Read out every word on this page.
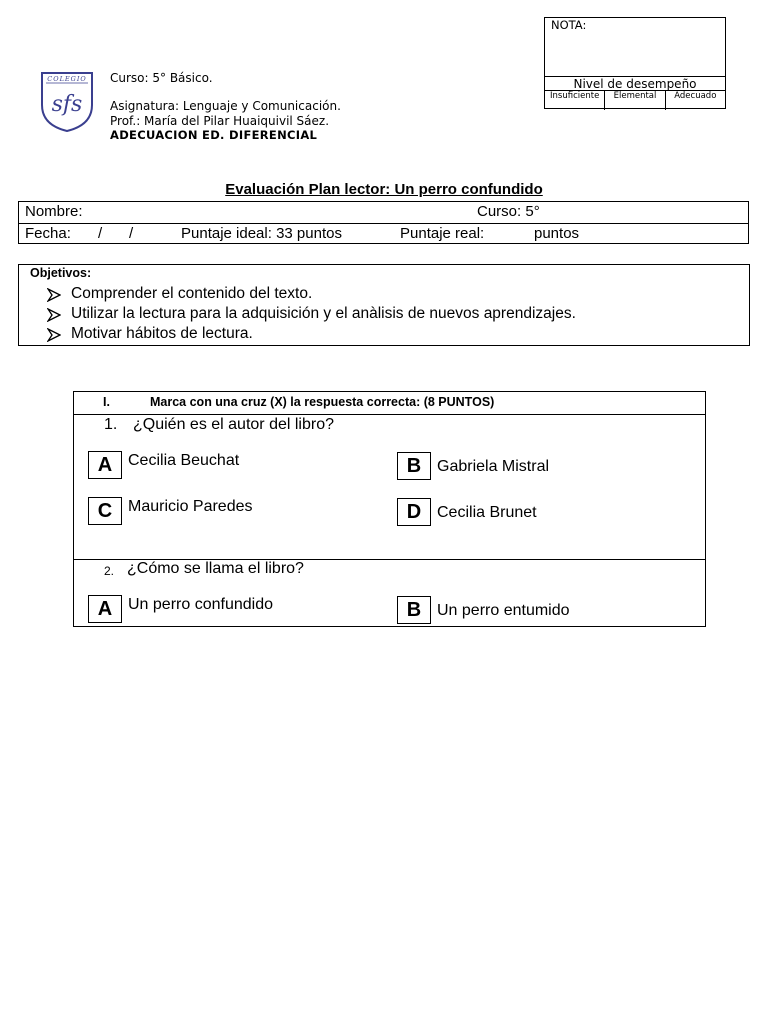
NOTA:
Nivel de desempeño
Insuficiente	Elemental	Adecuado
COLEGIO
sfs
Curso: 5° Básico.
Asignatura: Lenguaje y Comunicación.
Prof.: María del Pilar Huaiquivil Sáez.
ADECUACION ED. DIFERENCIAL
Evaluación Plan lector: Un perro confundido
Nombre:	Curso: 5°
Fecha: / /	Puntaje ideal: 33 puntos	Puntaje real:	puntos
Objetivos:
Comprender el contenido del texto.
Utilizar la lectura para la adquisición y el anàlisis de nuevos aprendizajes.
Motivar hábitos de lectura.
I.	Marca con una cruz (X) la respuesta correcta: (8 PUNTOS)
1. ¿Quién es el autor del libro?
A Cecilia Beuchat	B Gabriela Mistral
C Mauricio Paredes	D Cecilia Brunet
2. ¿Cómo se llama el libro?
A Un perro confundido	B Un perro entumido
